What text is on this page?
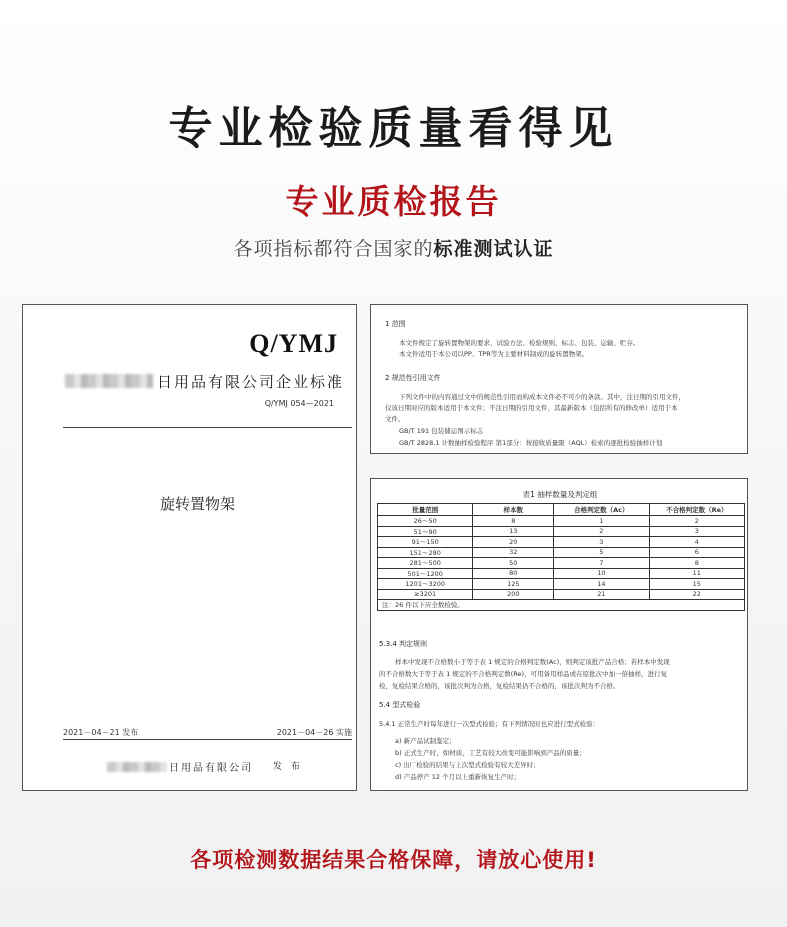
专业检验质量看得见
专业质检报告
各项指标都符合国家的标准测试认证
Q/YMJ
日用品有限公司企业标准
Q/YMJ 054—2021
旋转置物架
2021－04－21 发布	2021－04－26 实施
日用品有限公司 发 布
1 范围
本文件规定了旋转置物架的要求、试验方法、检验规则、标志、包装、运输、贮存。
本文件适用于本公司以PP、TPR等为主要材料制成的旋转置物架。
2 规范性引用文件
下列文件中的内容通过文中的规范性引用而构成本文件必不可少的条款。其中，注日期的引用文件，
仅该日期对应的版本适用于本文件；不注日期的引用文件，其最新版本（包括所有的修改单）适用于本
文件。
GB/T 191 包装储运图示标志
GB/T 2828.1 计数抽样检验程序 第1部分：按接收质量限（AQL）检索的逐批检验抽样计划
表1 抽样数量及判定组
批量范围	样本数	合格判定数（Ac）	不合格判定数（Re）
26～50	8	1	2
51～90	13	2	3
91～150	20	3	4
151～280	32	5	6
281～500	50	7	8
501～1200	80	10	11
1201～3200	125	14	15
≥3201	200	21	22
注：26 件以下应全数检验。			
5.3.4 判定规则
样本中发现不合格数小于等于表 1 规定的合格判定数(Ac)，则判定该批产品合格；若样本中发现
的不合格数大于等于表 1 规定的不合格判定数(Re)，可用备用样品或在原批次中加一倍抽样，进行复
检，复检结果合格的，该批次判为合格，复检结果仍不合格的，该批次判为不合格。
5.4 型式检验
5.4.1 正常生产时每年进行一次型式检验；有下列情况时也应进行型式检验：
a) 新产品试制鉴定；
b) 正式生产时，如材质、工艺有较大改变可能影响到产品的质量；
c) 出厂检验的结果与上次型式检验有较大差异时；
d) 产品停产 12 个月以上重新恢复生产时；
各项检测数据结果合格保障，请放心使用!
